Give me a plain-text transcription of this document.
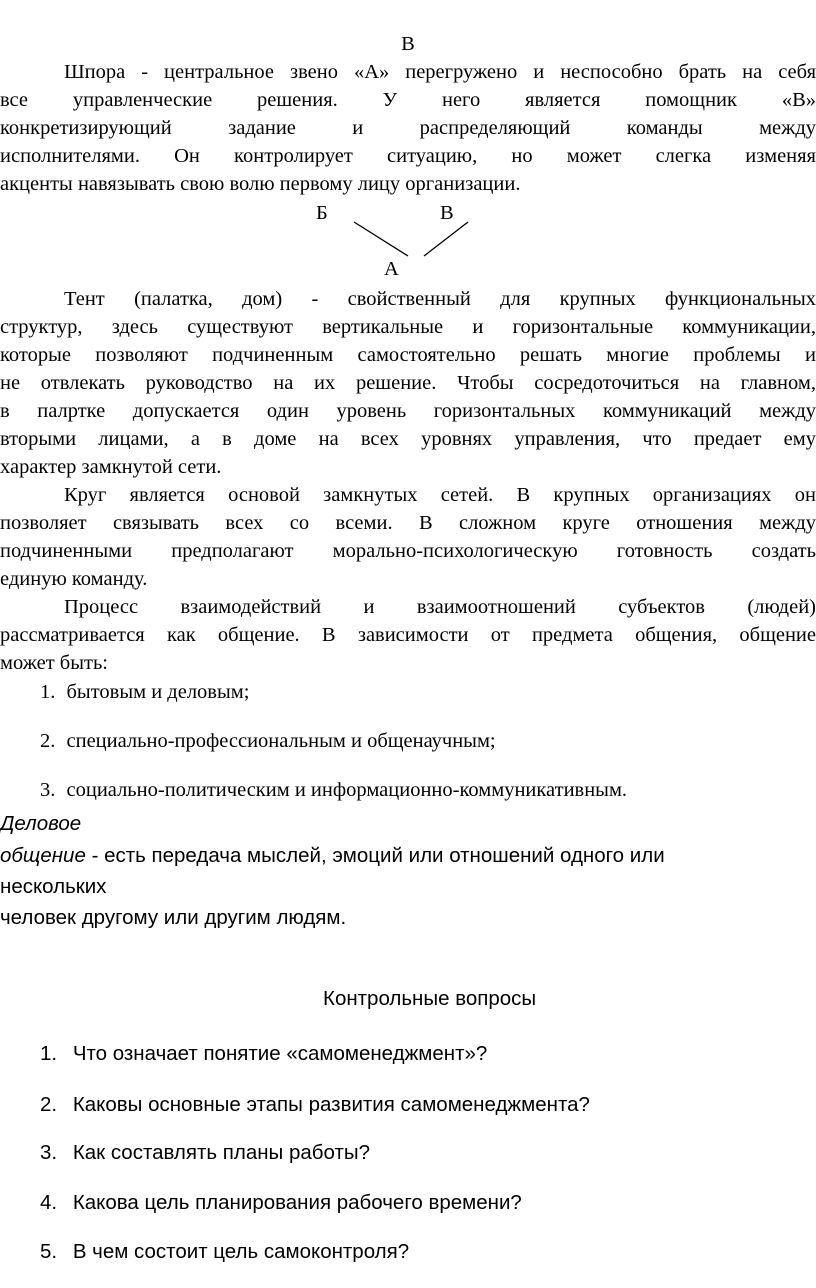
В
Шпора - центральное звено «А» перегружено и неспособно брать на себя
все управленческие решения. У него является помощник «В»
конкретизирующий задание и распределяющий команды между
исполнителями. Он контролирует ситуацию, но может слегка изменяя
акценты навязывать свою волю первому лицу организации.
Б	В
А
Тент (палатка, дом) - свойственный для крупных функциональных
структур, здесь существуют вертикальные и горизонтальные коммуникации,
которые позволяют подчиненным самостоятельно решать многие проблемы и
не отвлекать руководство на их решение. Чтобы сосредоточиться на главном,
в палртке допускается один уровень горизонтальных коммуникаций между
вторыми лицами, а в доме на всех уровнях управления, что предает ему
характер замкнутой сети.
Круг является основой замкнутых сетей. В крупных организациях он
позволяет связывать всех со всеми. В сложном круге отношения между
подчиненными предполагают морально-психологическую готовность создать
единую команду.
Процесс взаимодействий и взаимоотношений субъектов (людей)
рассматривается как общение. В зависимости от предмета общения, общение
может быть:
1. бытовым и деловым;
2. специально-профессиональным и общенаучным;
3. социально-политическим и информационно-коммуникативным.
Деловое
общение - есть передача мыслей, эмоций или отношений одного или
нескольких
человек другому или другим людям.
Контрольные вопросы
1. Что означает понятие «самоменеджмент»?
2. Каковы основные этапы развития самоменеджмента?
3. Как составлять планы работы?
4. Какова цель планирования рабочего времени?
5. В чем состоит цель самоконтроля?
